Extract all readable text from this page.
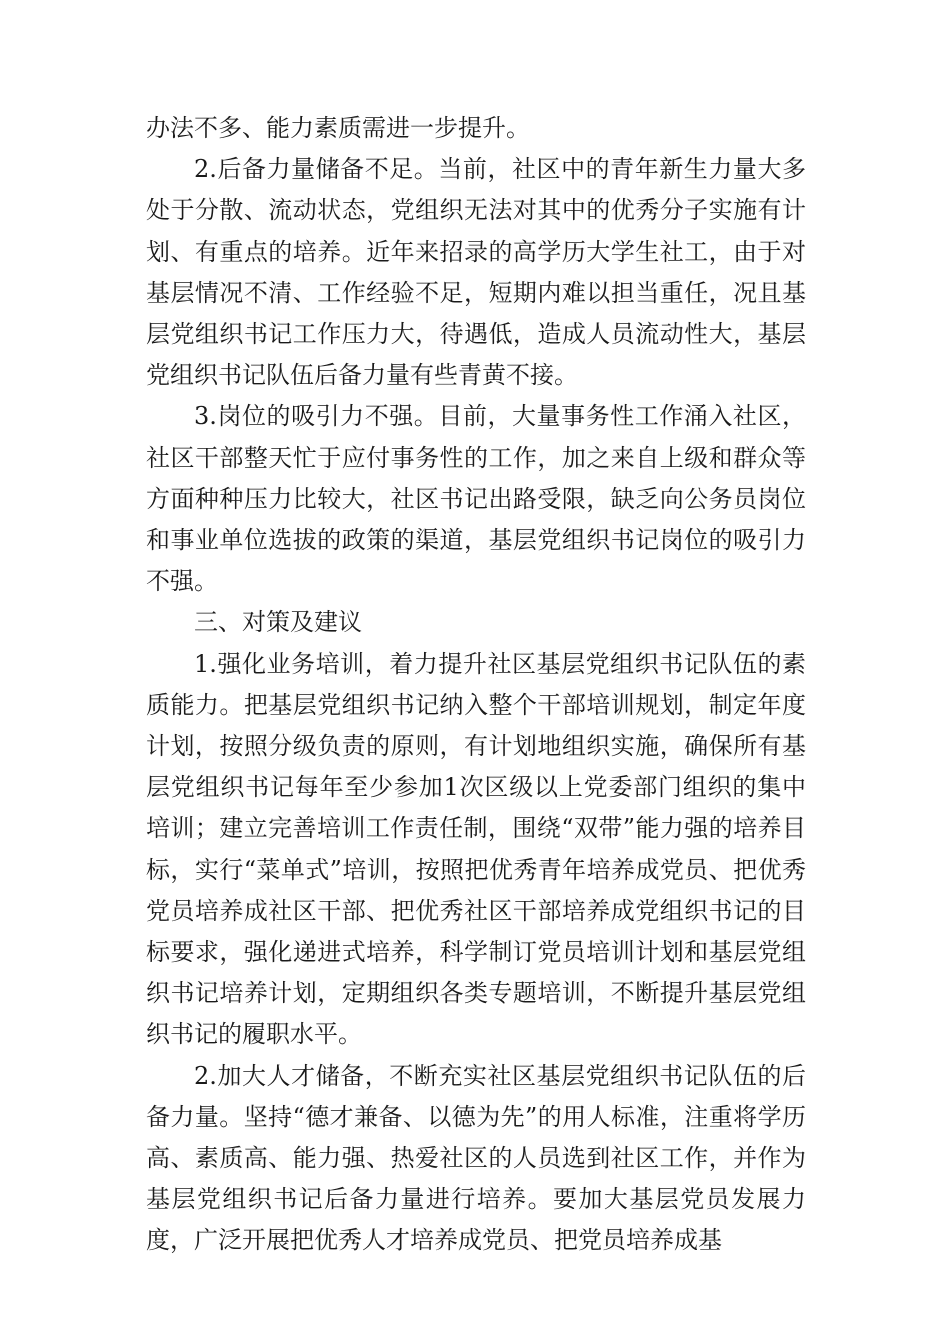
办法不多、能力素质需进一步提升。

2.后备力量储备不足。当前，社区中的青年新生力量大多处于分散、流动状态，党组织无法对其中的优秀分子实施有计划、有重点的培养。近年来招录的高学历大学生社工，由于对基层情况不清、工作经验不足，短期内难以担当重任，况且基层党组织书记工作压力大，待遇低，造成人员流动性大，基层党组织书记队伍后备力量有些青黄不接。

3.岗位的吸引力不强。目前，大量事务性工作涌入社区，社区干部整天忙于应付事务性的工作，加之来自上级和群众等方面种种压力比较大，社区书记出路受限，缺乏向公务员岗位和事业单位选拔的政策的渠道，基层党组织书记岗位的吸引力不强。

三、对策及建议

1.强化业务培训，着力提升社区基层党组织书记队伍的素质能力。把基层党组织书记纳入整个干部培训规划，制定年度计划，按照分级负责的原则，有计划地组织实施，确保所有基层党组织书记每年至少参加1次区级以上党委部门组织的集中培训；建立完善培训工作责任制，围绕“双带”能力强的培养目标，实行“菜单式”培训，按照把优秀青年培养成党员、把优秀党员培养成社区干部、把优秀社区干部培养成党组织书记的目标要求，强化递进式培养，科学制订党员培训计划和基层党组织书记培养计划，定期组织各类专题培训，不断提升基层党组织书记的履职水平。

2.加大人才储备，不断充实社区基层党组织书记队伍的后备力量。坚持“德才兼备、以德为先”的用人标准，注重将学历高、素质高、能力强、热爱社区的人员选到社区工作，并作为基层党组织书记后备力量进行培养。要加大基层党员发展力度，广泛开展把优秀人才培养成党员、把党员培养成基
